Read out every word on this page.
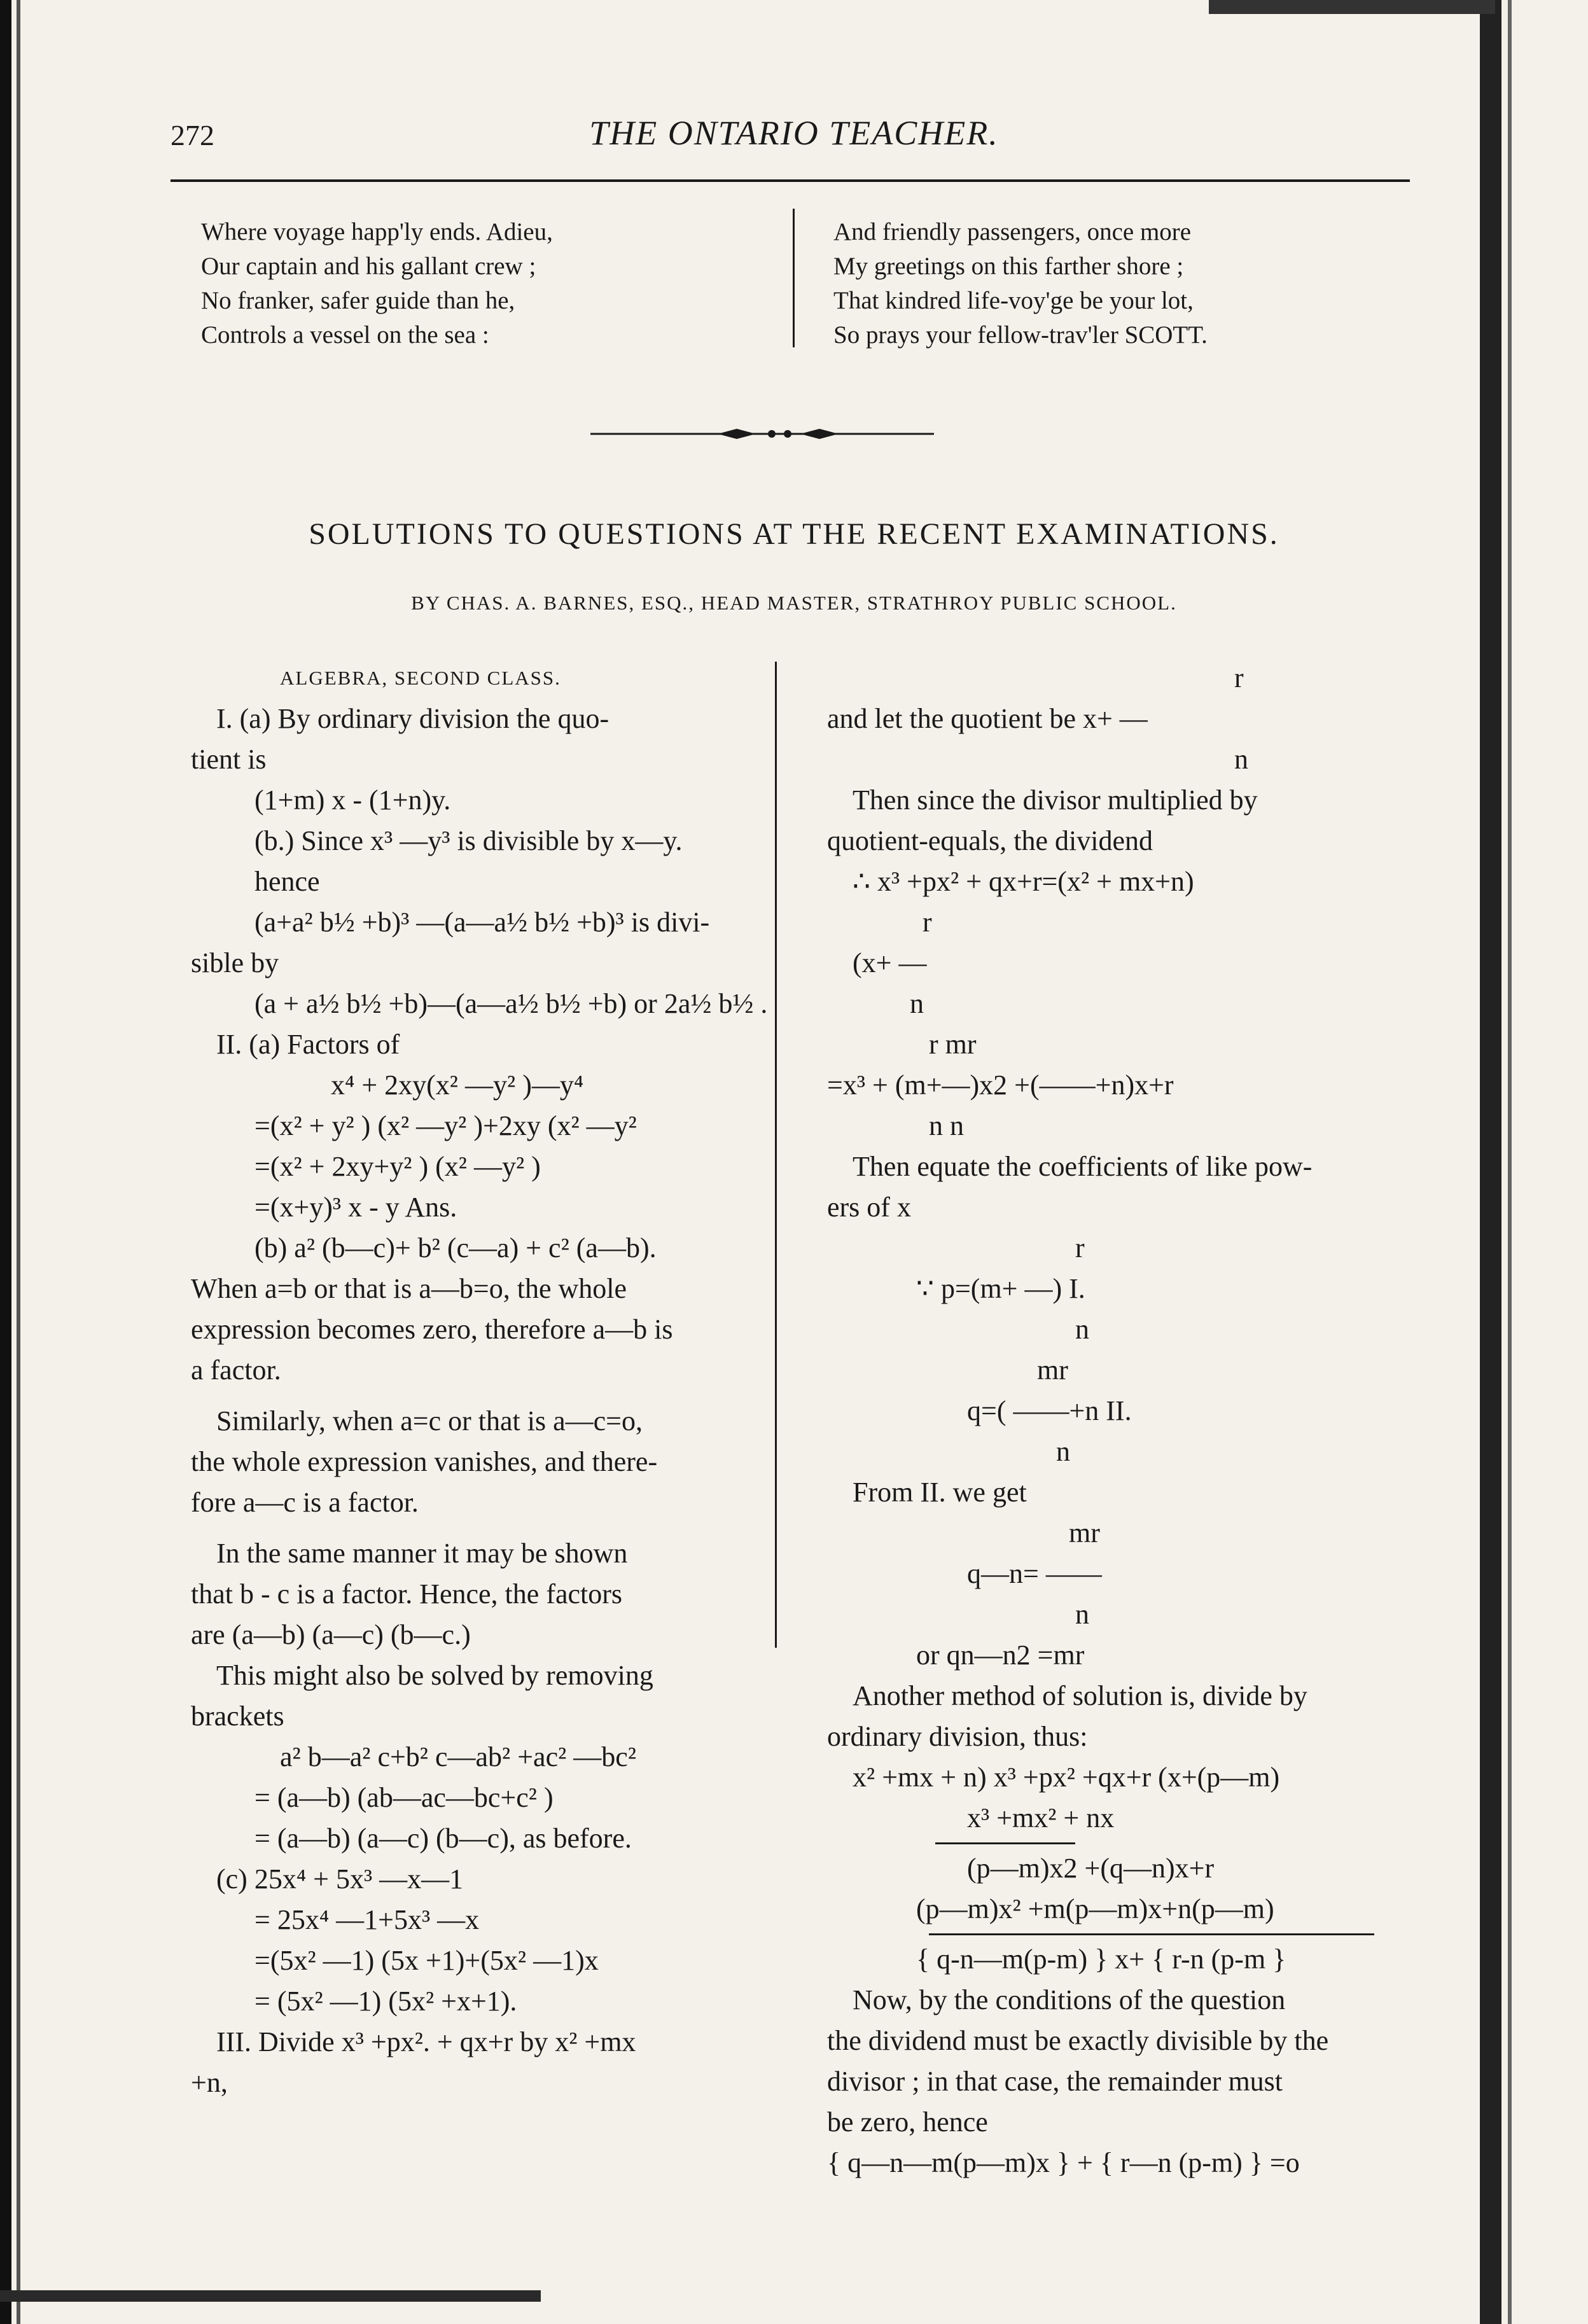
272	THE ONTARIO TEACHER.
Where voyage happ'ly ends. Adieu,
Our captain and his gallant crew ;
No franker, safer guide than he,
Controls a vessel on the sea :
And friendly passengers, once more
My greetings on this farther shore ;
That kindred life-voy'ge be your lot,
So prays your fellow-trav'ler SCOTT.
SOLUTIONS TO QUESTIONS AT THE RECENT EXAMINATIONS.
BY CHAS. A. BARNES, ESQ., HEAD MASTER, STRATHROY PUBLIC SCHOOL.
ALGEBRA, SECOND CLASS.
I. (a) By ordinary division the quo-
tient is
(1+m) x - (1+n)y.
(b.) Since x³ —y³ is divisible by x—y.
hence
(a+a² b½ +b)³ —(a—a½ b½ +b)³ is divi-
sible by
(a + a½ b½ +b)—(a—a½ b½ +b) or 2a½ b½ .
II. (a) Factors of
x⁴ + 2xy(x² —y² )—y⁴
=(x² + y² ) (x² —y² )+2xy (x² —y²
=(x² + 2xy+y² ) (x² —y² )
=(x+y)³ x - y Ans.
(b) a² (b—c)+ b² (c—a) + c² (a—b).
When a=b or that is a—b=o, the whole
expression becomes zero, therefore a—b is
a factor.
Similarly, when a=c or that is a—c=o,
the whole expression vanishes, and there-
fore a—c is a factor.
In the same manner it may be shown
that b - c is a factor. Hence, the factors
are (a—b) (a—c) (b—c.)
This might also be solved by removing
brackets
a² b—a² c+b² c—ab² +ac² —bc²
= (a—b) (ab—ac—bc+c² )
= (a—b) (a—c) (b—c), as before.
(c) 25x⁴ + 5x³ —x—1
= 25x⁴ —1+5x³ —x
=(5x² —1) (5x +1)+(5x² —1)x
= (5x² —1) (5x² +x+1).
III. Divide x³ +px². + qx+r by x² +mx
+n,
r
and let the quotient be x+ —
n
Then since the divisor multiplied by
quotient-equals, the dividend
∴ x³ +px² + qx+r=(x² + mx+n)
r
(x+ —
n
r mr
=x³ + (m+—)x2 +(——+n)x+r
n n
Then equate the coefficients of like pow-
ers of x
r
∵ p=(m+ —) I.
n
mr
q=( ——+n II.
n
From II. we get
mr
q—n= ——
n
or qn—n2 =mr
Another method of solution is, divide by
ordinary division, thus:
x² +mx + n) x³ +px² +qx+r (x+(p—m)
x³ +mx² + nx
(p—m)x2 +(q—n)x+r
(p—m)x² +m(p—m)x+n(p—m)
{ q-n—m(p-m) } x+ { r-n (p-m }
Now, by the conditions of the question
the dividend must be exactly divisible by the
divisor ; in that case, the remainder must
be zero, hence
{ q—n—m(p—m)x } + { r—n (p-m) } =o
